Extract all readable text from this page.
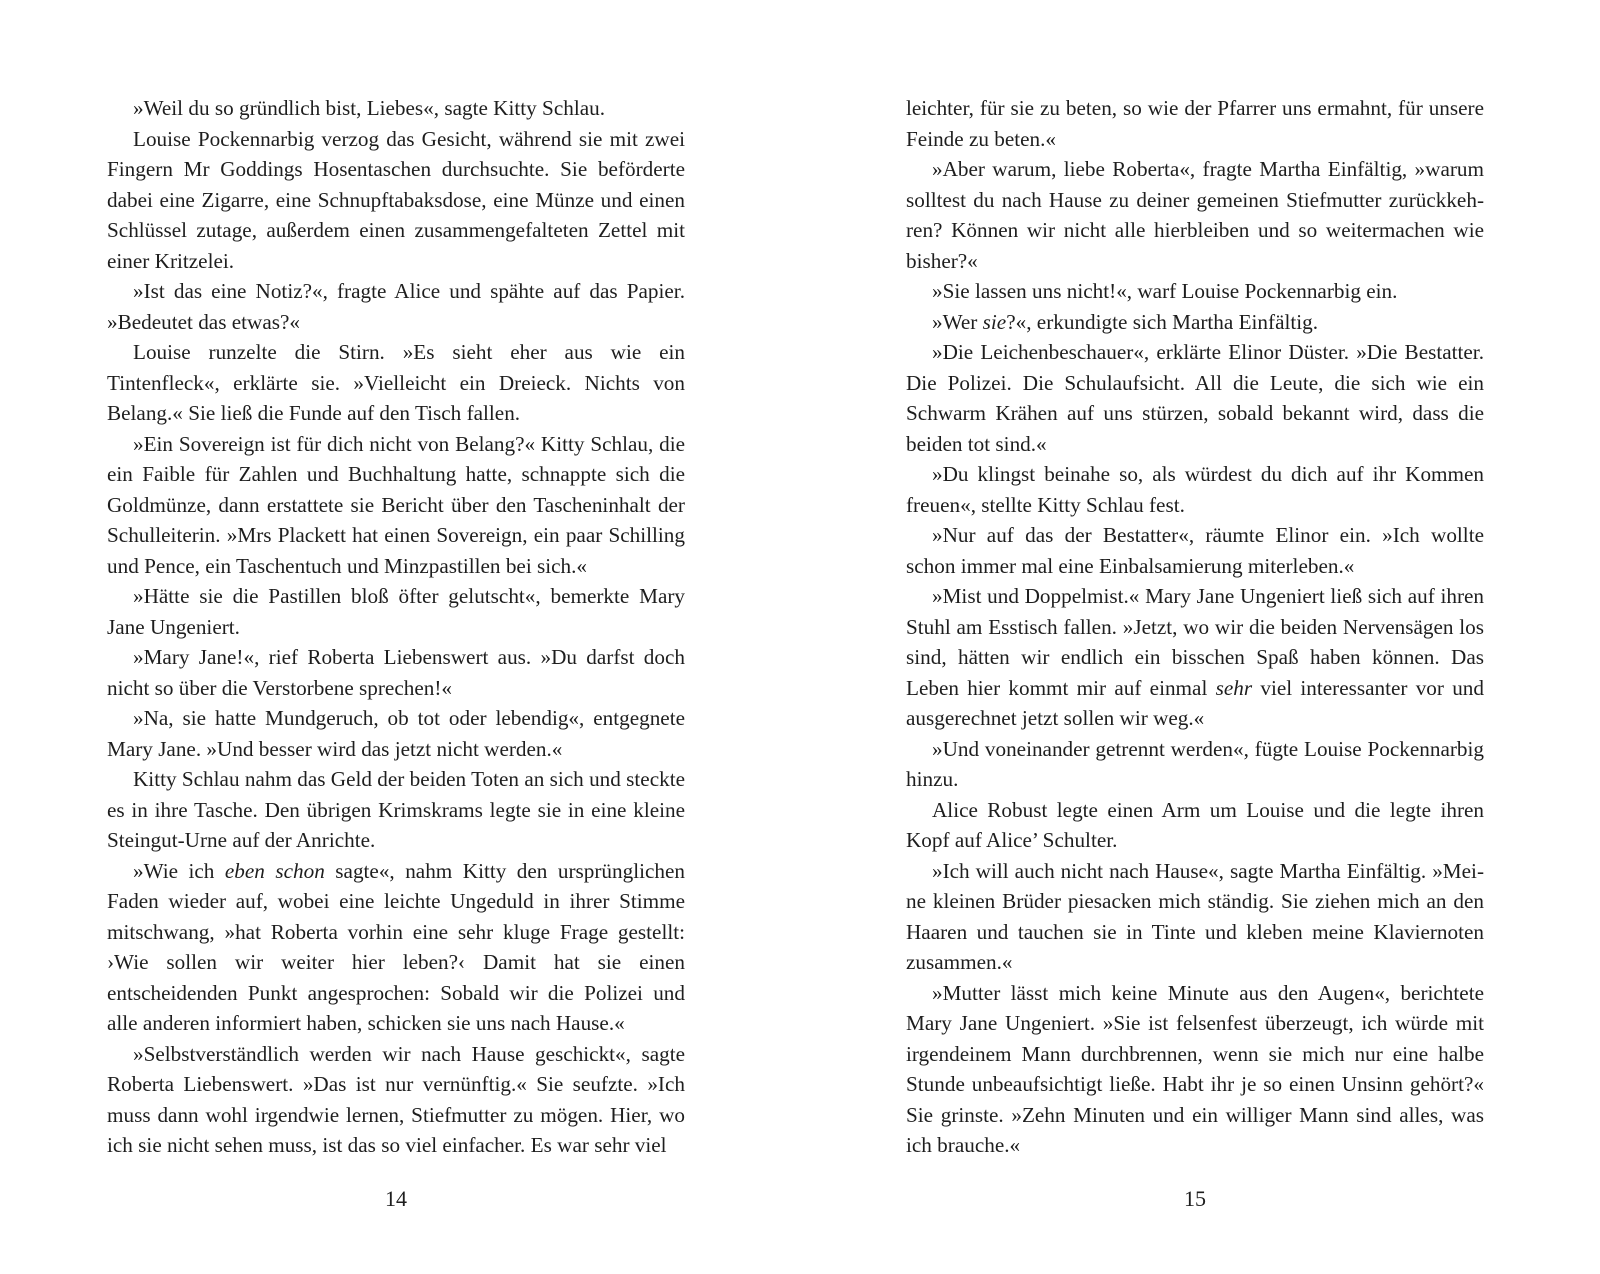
»Weil du so gründlich bist, Liebes«, sagte Kitty Schlau.

Louise Pockennarbig verzog das Gesicht, während sie mit zwei Fingern Mr Goddings Hosentaschen durchsuchte. Sie beförderte dabei eine Zigarre, eine Schnupftabaksdose, eine Münze und einen Schlüssel zutage, außerdem einen zusammengefalteten Zettel mit einer Kritzelei.

»Ist das eine Notiz?«, fragte Alice und spähte auf das Papier. »Bedeutet das etwas?«

Louise runzelte die Stirn. »Es sieht eher aus wie ein Tintenfleck«, erklärte sie. »Vielleicht ein Dreieck. Nichts von Belang.« Sie ließ die Funde auf den Tisch fallen.

»Ein Sovereign ist für dich nicht von Belang?« Kitty Schlau, die ein Faible für Zahlen und Buchhaltung hatte, schnappte sich die Goldmünze, dann erstattete sie Bericht über den Tascheninhalt der Schulleiterin. »Mrs Plackett hat einen Sovereign, ein paar Schilling und Pence, ein Taschentuch und Minzpastillen bei sich.«

»Hätte sie die Pastillen bloß öfter gelutscht«, bemerkte Mary Jane Ungeniert.

»Mary Jane!«, rief Roberta Liebenswert aus. »Du darfst doch nicht so über die Verstorbene sprechen!«

»Na, sie hatte Mundgeruch, ob tot oder lebendig«, entgegnete Mary Jane. »Und besser wird das jetzt nicht werden.«

Kitty Schlau nahm das Geld der beiden Toten an sich und steckte es in ihre Tasche. Den übrigen Krimskrams legte sie in eine kleine Steingut-Urne auf der Anrichte.

»Wie ich eben schon sagte«, nahm Kitty den ursprünglichen Faden wieder auf, wobei eine leichte Ungeduld in ihrer Stimme mitschwang, »hat Roberta vorhin eine sehr kluge Frage gestellt: ›Wie sollen wir weiter hier leben?‹ Damit hat sie einen entscheidenden Punkt angesprochen: Sobald wir die Polizei und alle anderen informiert haben, schicken sie uns nach Hause.«

»Selbstverständlich werden wir nach Hause geschickt«, sagte Roberta Liebenswert. »Das ist nur vernünftig.« Sie seufzte. »Ich muss dann wohl irgendwie lernen, Stiefmutter zu mögen. Hier, wo ich sie nicht sehen muss, ist das so viel einfacher. Es war sehr viel

14

leichter, für sie zu beten, so wie der Pfarrer uns ermahnt, für unsere Feinde zu beten.«

»Aber warum, liebe Roberta«, fragte Martha Einfältig, »warum solltest du nach Hause zu deiner gemeinen Stiefmutter zurückkehren? Können wir nicht alle hierbleiben und so weitermachen wie bisher?«

»Sie lassen uns nicht!«, warf Louise Pockennarbig ein.

»Wer sie?«, erkundigte sich Martha Einfältig.

»Die Leichenbeschauer«, erklärte Elinor Düster. »Die Bestatter. Die Polizei. Die Schulaufsicht. All die Leute, die sich wie ein Schwarm Krähen auf uns stürzen, sobald bekannt wird, dass die beiden tot sind.«

»Du klingst beinahe so, als würdest du dich auf ihr Kommen freuen«, stellte Kitty Schlau fest.

»Nur auf das der Bestatter«, räumte Elinor ein. »Ich wollte schon immer mal eine Einbalsamierung miterleben.«

»Mist und Doppelmist.« Mary Jane Ungeniert ließ sich auf ihren Stuhl am Esstisch fallen. »Jetzt, wo wir die beiden Nervensägen los sind, hätten wir endlich ein bisschen Spaß haben können. Das Leben hier kommt mir auf einmal sehr viel interessanter vor und ausgerechnet jetzt sollen wir weg.«

»Und voneinander getrennt werden«, fügte Louise Pockennarbig hinzu.

Alice Robust legte einen Arm um Louise und die legte ihren Kopf auf Alice’ Schulter.

»Ich will auch nicht nach Hause«, sagte Martha Einfältig. »Meine kleinen Brüder piesacken mich ständig. Sie ziehen mich an den Haaren und tauchen sie in Tinte und kleben meine Klaviernoten zusammen.«

»Mutter lässt mich keine Minute aus den Augen«, berichtete Mary Jane Ungeniert. »Sie ist felsenfest überzeugt, ich würde mit irgendeinem Mann durchbrennen, wenn sie mich nur eine halbe Stunde unbeaufsichtigt ließe. Habt ihr je so einen Unsinn gehört?« Sie grinste. »Zehn Minuten und ein williger Mann sind alles, was ich brauche.«

15
